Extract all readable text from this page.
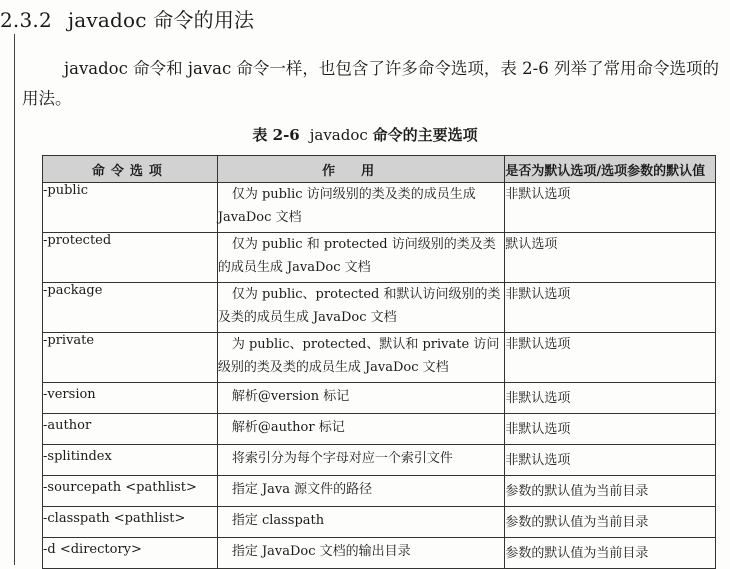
2.3.2 javadoc 命令的用法
javadoc 命令和 javac 命令一样，也包含了许多命令选项，表 2-6 列举了常用命令选项的用法。
表 2-6 javadoc 命令的主要选项
命令选项	作用	是否为默认选项/选项参数的默认值
-public	仅为 public 访问级别的类及类的成员生成 JavaDoc 文档	非默认选项
-protected	仅为 public 和 protected 访问级别的类及类的成员生成 JavaDoc 文档	默认选项
-package	仅为 public、protected 和默认访问级别的类及类的成员生成 JavaDoc 文档	非默认选项
-private	为 public、protected、默认和 private 访问级别的类及类的成员生成 JavaDoc 文档	非默认选项
-version	解析@version 标记	非默认选项
-author	解析@author 标记	非默认选项
-splitindex	将索引分为每个字母对应一个索引文件	非默认选项
-sourcepath <pathlist>	指定 Java 源文件的路径	参数的默认值为当前目录
-classpath <pathlist>	指定 classpath	参数的默认值为当前目录
-d <directory>	指定 JavaDoc 文档的输出目录	参数的默认值为当前目录
